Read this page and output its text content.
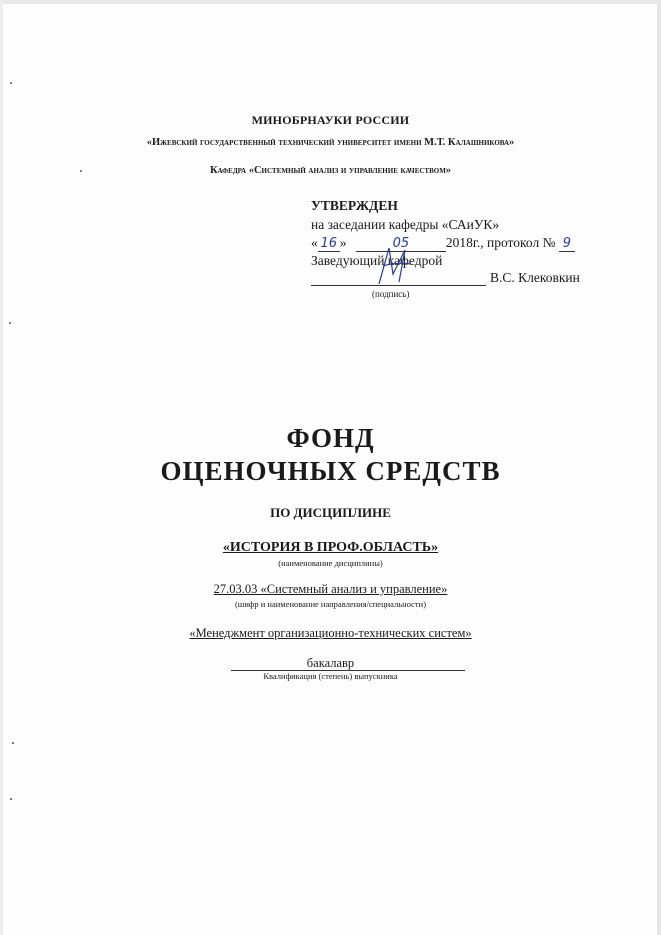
МИНОБРНАУКИ РОССИИ
«Ижевский государственный технический университет имени М.Т. Калашникова»
Кафедра «Системный анализ и управление качеством»
УТВЕРЖДЕН
на заседании кафедры «САиУК»
« 16 »	05	2018г., протокол № 9
Заведующий кафедрой
В.С. Клековкин
(подпись)
ФОНД
ОЦЕНОЧНЫХ СРЕДСТВ
ПО ДИСЦИПЛИНЕ
«ИСТОРИЯ В ПРОФ.ОБЛАСТЬ»
(наименование дисциплины)
27.03.03 «Системный анализ и управление»
(шифр и наименование направления/специальности)
«Менеджмент организационно-технических систем»
бакалавр
Квалификация (степень) выпускника
